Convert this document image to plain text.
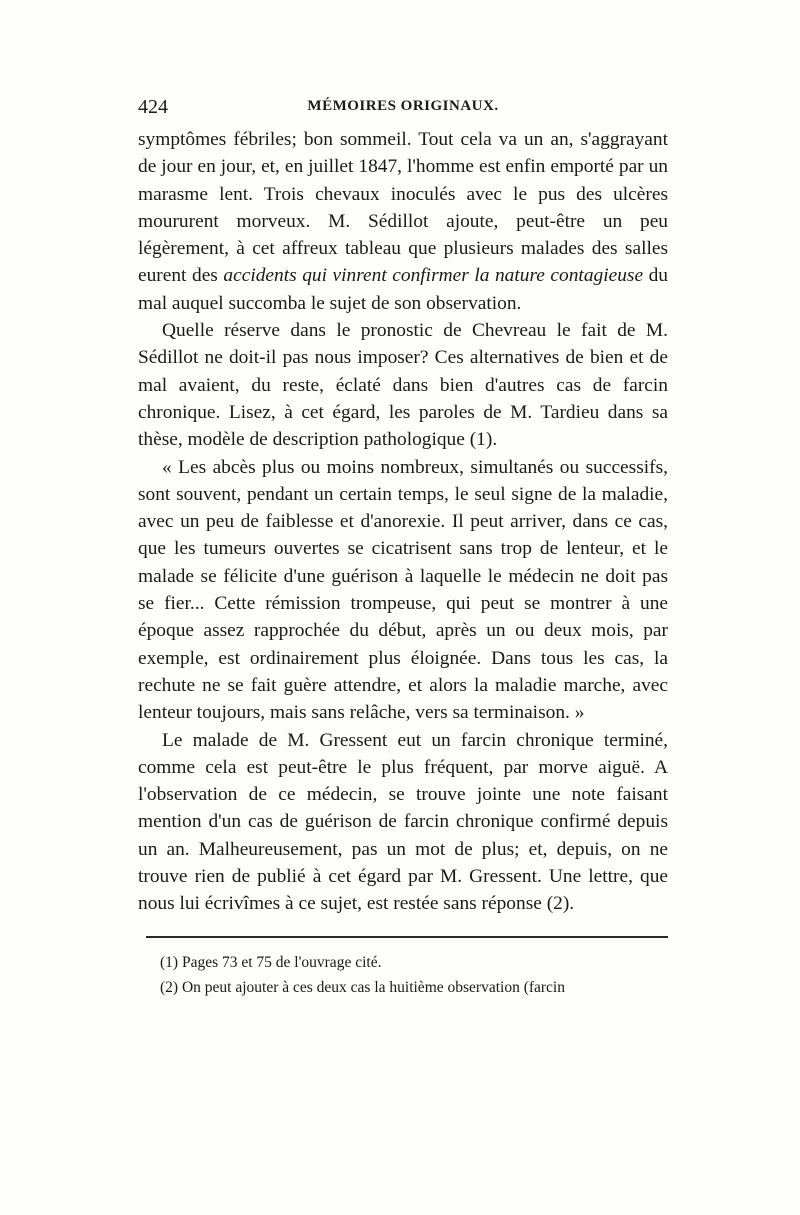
424	MÉMOIRES ORIGINAUX.

symptômes fébriles; bon sommeil. Tout cela va un an, s'aggrayant de jour en jour, et, en juillet 1847, l'homme est enfin emporté par un marasme lent. Trois chevaux inoculés avec le pus des ulcères moururent morveux. M. Sédillot ajoute, peut-être un peu légèrement, à cet affreux tableau que plusieurs malades des salles eurent des accidents qui vinrent confirmer la nature contagieuse du mal auquel succomba le sujet de son observation.

Quelle réserve dans le pronostic de Chevreau le fait de M. Sédillot ne doit-il pas nous imposer? Ces alternatives de bien et de mal avaient, du reste, éclaté dans bien d'autres cas de farcin chronique. Lisez, à cet égard, les paroles de M. Tardieu dans sa thèse, modèle de description pathologique (1).

« Les abcès plus ou moins nombreux, simultanés ou successifs, sont souvent, pendant un certain temps, le seul signe de la maladie, avec un peu de faiblesse et d'anorexie. Il peut arriver, dans ce cas, que les tumeurs ouvertes se cicatrisent sans trop de lenteur, et le malade se félicite d'une guérison à laquelle le médecin ne doit pas se fier... Cette rémission trompeuse, qui peut se montrer à une époque assez rapprochée du début, après un ou deux mois, par exemple, est ordinairement plus éloignée. Dans tous les cas, la rechute ne se fait guère attendre, et alors la maladie marche, avec lenteur toujours, mais sans relâche, vers sa terminaison. »

Le malade de M. Gressent eut un farcin chronique terminé, comme cela est peut-être le plus fréquent, par morve aiguë. A l'observation de ce médecin, se trouve jointe une note faisant mention d'un cas de guérison de farcin chronique confirmé depuis un an. Malheureusement, pas un mot de plus; et, depuis, on ne trouve rien de publié à cet égard par M. Gressent. Une lettre, que nous lui écrivîmes à ce sujet, est restée sans réponse (2).

(1) Pages 73 et 75 de l'ouvrage cité.

(2) On peut ajouter à ces deux cas la huitième observation (farcin
